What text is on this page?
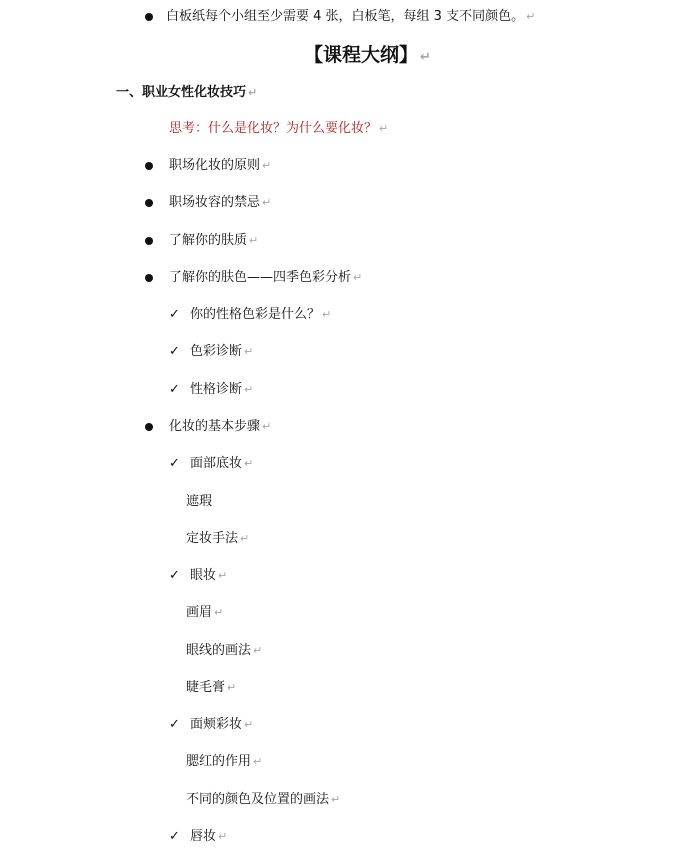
白板纸每个小组至少需要 4 张，白板笔，每组 3 支不同颜色。 ↵
【课程大纲】 ↵
一、职业女性化妆技巧 ↵
思考：什么是化妆？为什么要化妆？ ↵
职场化妆的原则 ↵
职场妆容的禁忌 ↵
了解你的肤质 ↵
了解你的肤色——四季色彩分析 ↵
✓ 你的性格色彩是什么？ ↵
✓ 色彩诊断 ↵
✓ 性格诊断 ↵
化妆的基本步骤 ↵
✓ 面部底妆 ↵
遮瑕
定妆手法 ↵
✓ 眼妆 ↵
画眉 ↵
眼线的画法 ↵
睫毛膏 ↵
✓ 面颊彩妆 ↵
腮红的作用 ↵
不同的颜色及位置的画法 ↵
✓ 唇妆 ↵
